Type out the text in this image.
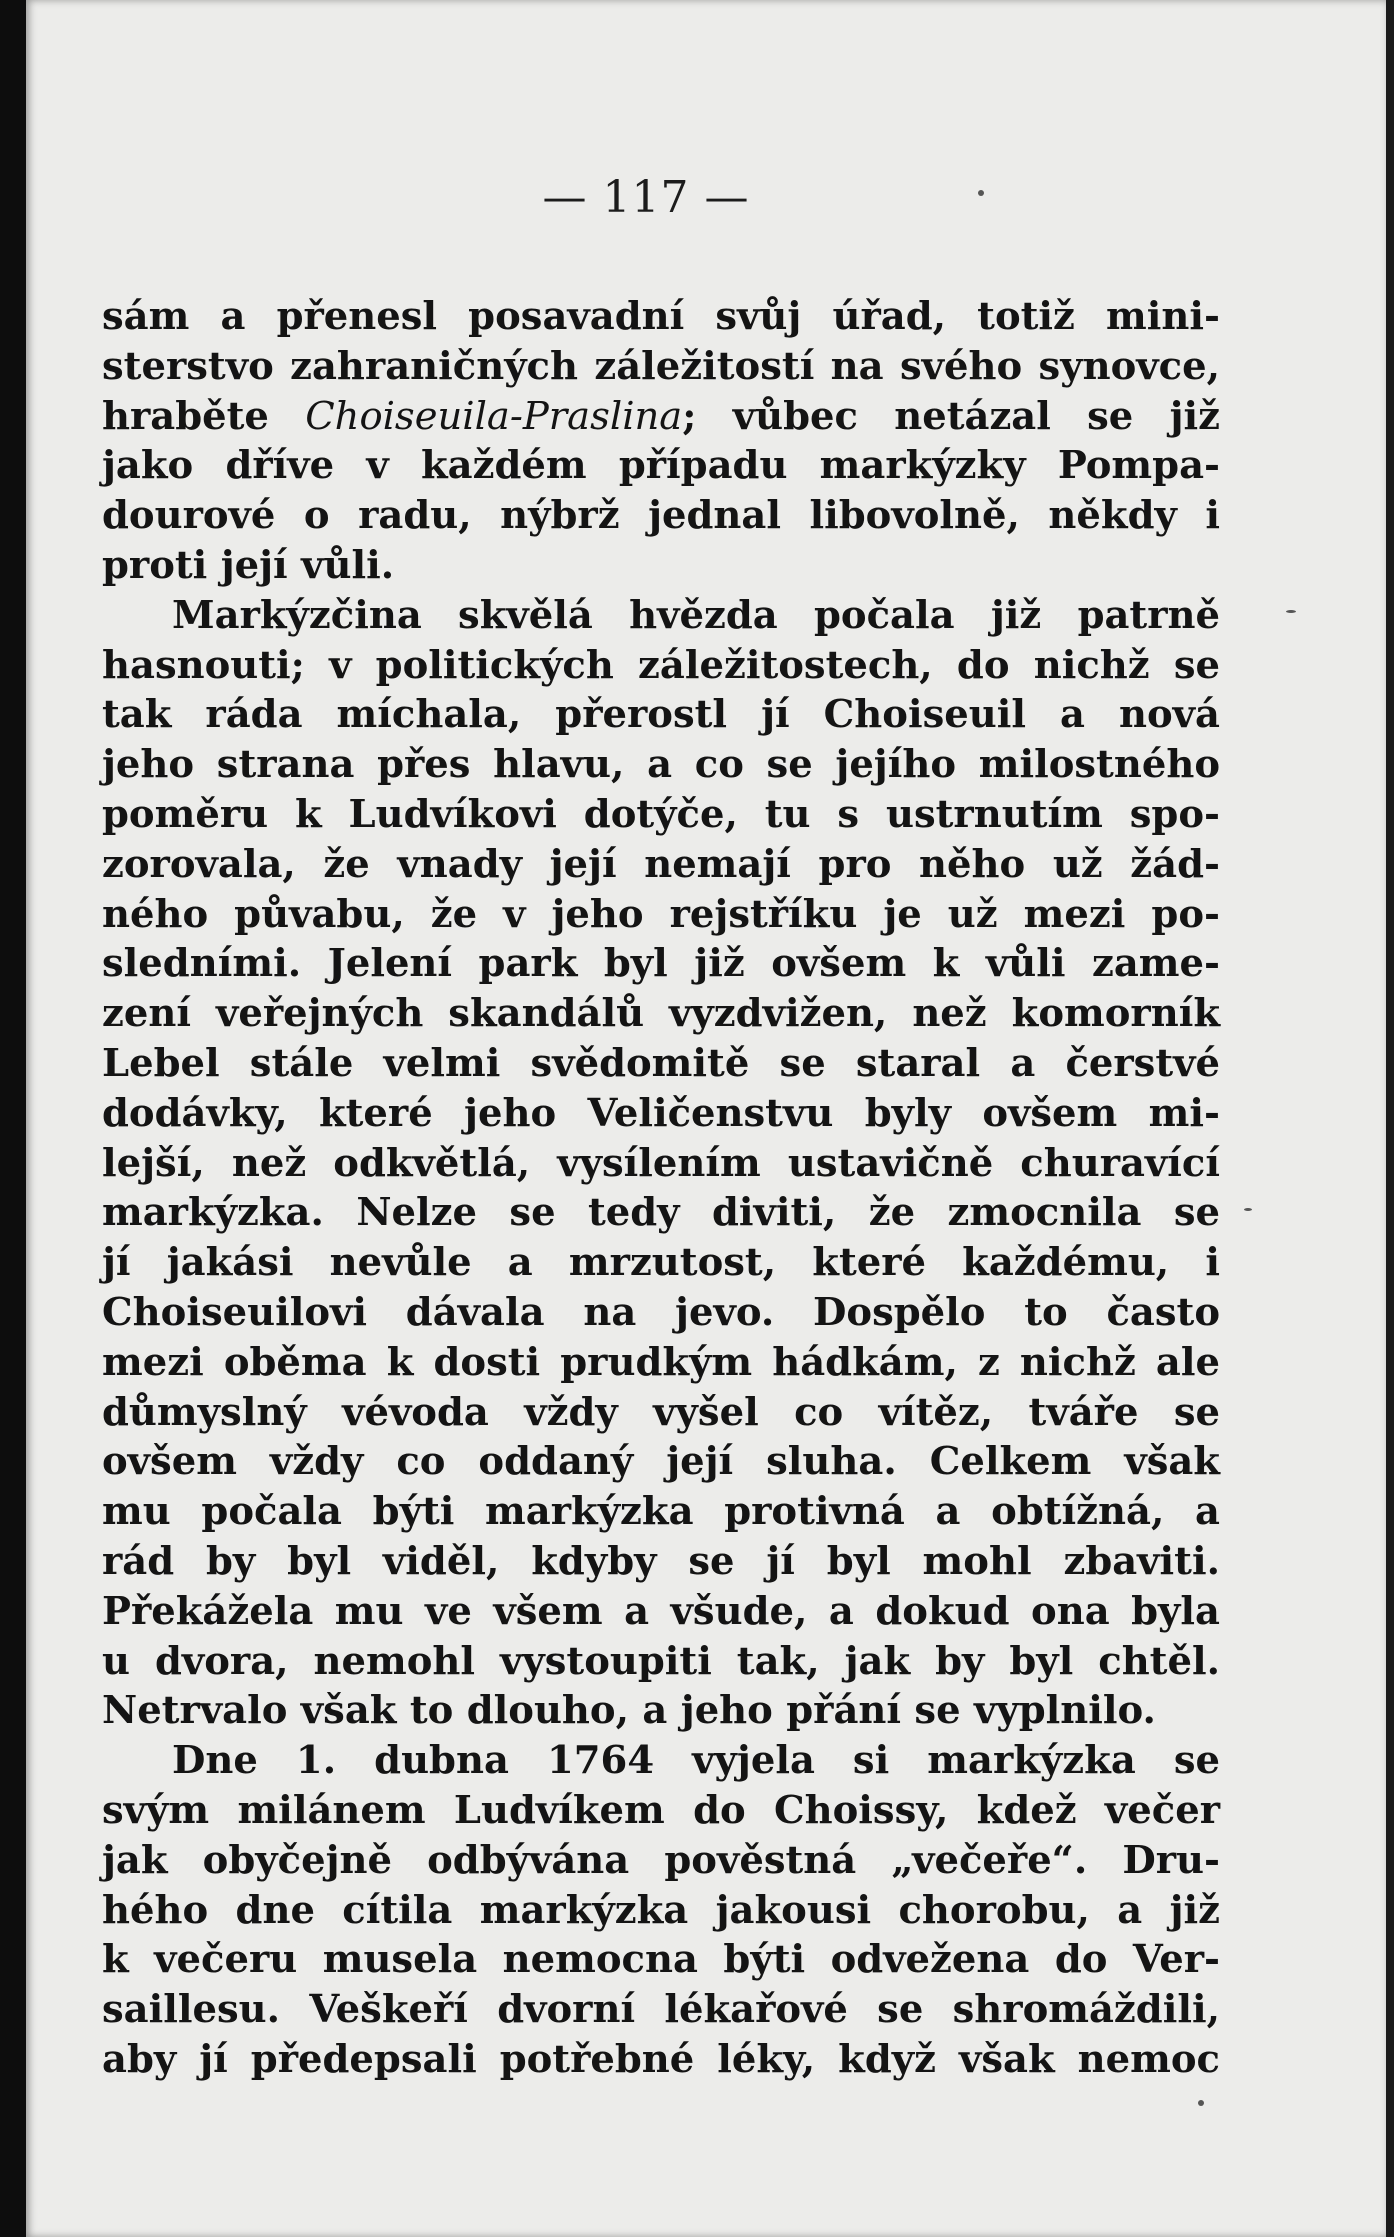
— 117 —
sám a přenesl posavadní svůj úřad, totiž mini-
sterstvo zahraničných záležitostí na svého synovce,
hraběte Choiseuila-Praslina; vůbec netázal se již
jako dříve v každém případu markýzky Pompa-
dourové o radu, nýbrž jednal libovolně, někdy i
proti její vůli.
Markýzčina skvělá hvězda počala již patrně
hasnouti; v politických záležitostech, do nichž se
tak ráda míchala, přerostl jí Choiseuil a nová
jeho strana přes hlavu, a co se jejího milostného
poměru k Ludvíkovi dotýče, tu s ustrnutím spo-
zorovala, že vnady její nemají pro něho už žád-
ného půvabu, že v jeho rejstříku je už mezi po-
sledními. Jelení park byl již ovšem k vůli zame-
zení veřejných skandálů vyzdvižen, než komorník
Lebel stále velmi svědomitě se staral a čerstvé
dodávky, které jeho Veličenstvu byly ovšem mi-
lejší, než odkvětlá, vysílením ustavičně churavící
markýzka. Nelze se tedy diviti, že zmocnila se
jí jakási nevůle a mrzutost, které každému, i
Choiseuilovi dávala na jevo. Dospělo to často
mezi oběma k dosti prudkým hádkám, z nichž ale
důmyslný vévoda vždy vyšel co vítěz, tváře se
ovšem vždy co oddaný její sluha. Celkem však
mu počala býti markýzka protivná a obtížná, a
rád by byl viděl, kdyby se jí byl mohl zbaviti.
Překážela mu ve všem a všude, a dokud ona byla
u dvora, nemohl vystoupiti tak, jak by byl chtěl.
Netrvalo však to dlouho, a jeho přání se vyplnilo.
Dne 1. dubna 1764 vyjela si markýzka se
svým milánem Ludvíkem do Choissy, kdež večer
jak obyčejně odbývána pověstná „večeře“. Dru-
hého dne cítila markýzka jakousi chorobu, a již
k večeru musela nemocna býti odvežena do Ver-
saillesu. Veškeří dvorní lékařové se shromáždili,
aby jí předepsali potřebné léky, když však nemoc
